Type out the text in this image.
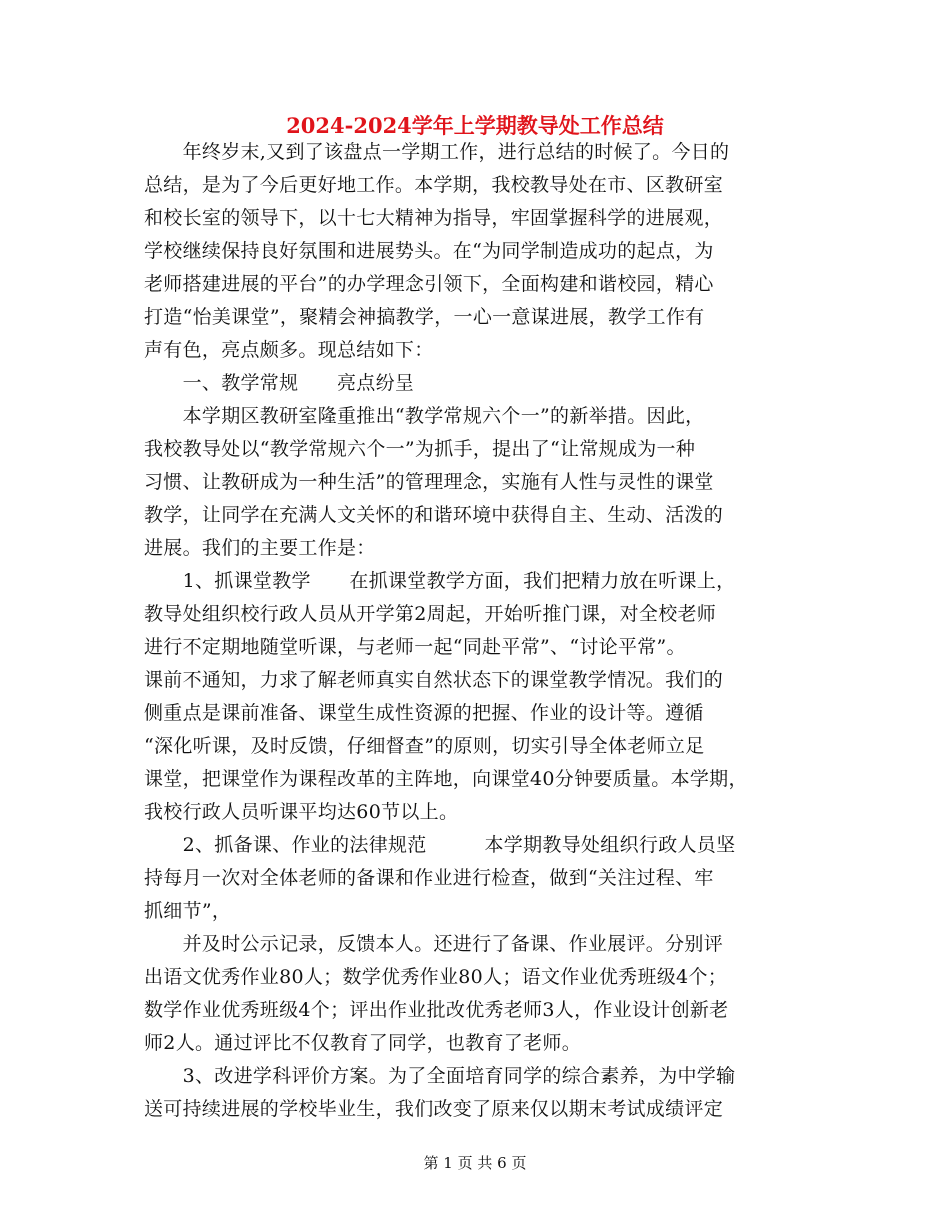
2024-2024学年上学期教导处工作总结
　　年终岁末,又到了该盘点一学期工作，进行总结的时候了。今日的
总结，是为了今后更好地工作。本学期，我校教导处在市、区教研室
和校长室的领导下，以十七大精神为指导，牢固掌握科学的进展观，
学校继续保持良好氛围和进展势头。在“为同学制造成功的起点，为
老师搭建进展的平台”的办学理念引领下，全面构建和谐校园，精心
打造“怡美课堂”，聚精会神搞教学，一心一意谋进展，教学工作有
声有色，亮点颇多。现总结如下：
　　一、教学常规　　亮点纷呈
　　本学期区教研室隆重推出“教学常规六个一”的新举措。因此，
我校教导处以“教学常规六个一”为抓手，提出了“让常规成为一种
习惯、让教研成为一种生活”的管理理念，实施有人性与灵性的课堂
教学，让同学在充满人文关怀的和谐环境中获得自主、生动、活泼的
进展。我们的主要工作是：
　　1、抓课堂教学　　在抓课堂教学方面，我们把精力放在听课上，
教导处组织校行政人员从开学第2周起，开始听推门课，对全校老师
进行不定期地随堂听课，与老师一起“同赴平常”、“讨论平常”。
课前不通知，力求了解老师真实自然状态下的课堂教学情况。我们的
侧重点是课前准备、课堂生成性资源的把握、作业的设计等。遵循
“深化听课，及时反馈，仔细督查”的原则，切实引导全体老师立足
课堂，把课堂作为课程改革的主阵地，向课堂40分钟要质量。本学期，
我校行政人员听课平均达60节以上。
　　2、抓备课、作业的法律规范　　　本学期教导处组织行政人员坚
持每月一次对全体老师的备课和作业进行检查，做到“关注过程、牢
抓细节”，
　　并及时公示记录，反馈本人。还进行了备课、作业展评。分别评
出语文优秀作业80人；数学优秀作业80人；语文作业优秀班级4个；
数学作业优秀班级4个；评出作业批改优秀老师3人，作业设计创新老
师2人。通过评比不仅教育了同学，也教育了老师。
　　3、改进学科评价方案。为了全面培育同学的综合素养，为中学输
送可持续进展的学校毕业生，我们改变了原来仅以期末考试成绩评定
第 1 页 共 6 页
